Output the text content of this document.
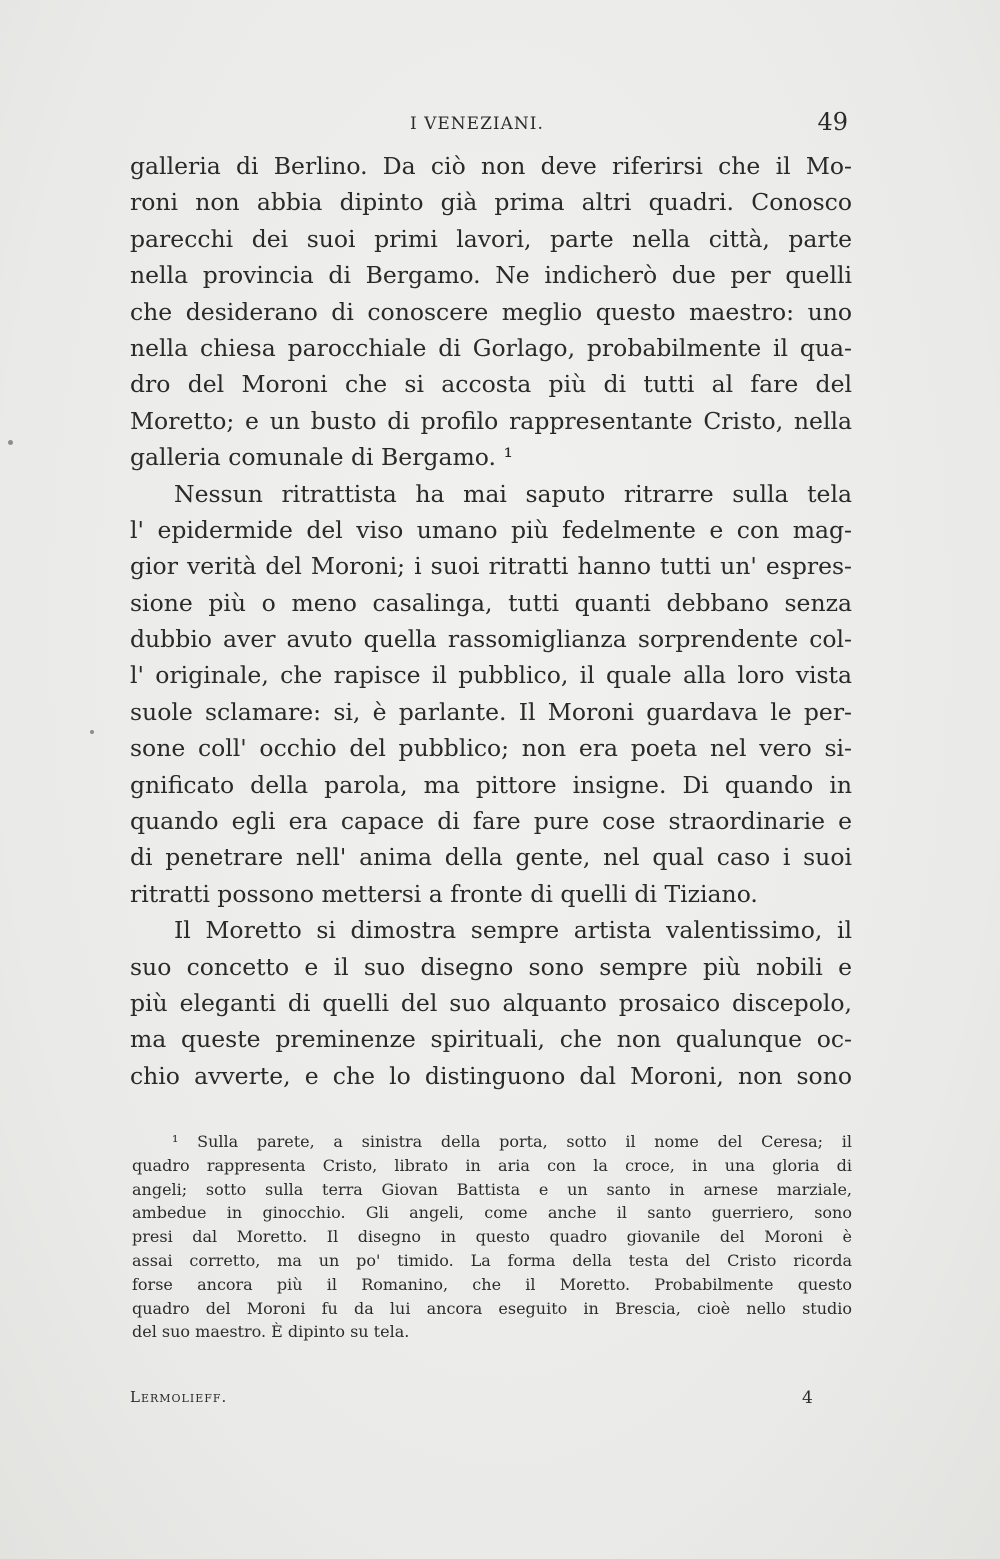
I VENEZIANI.	49
galleria di Berlino. Da ciò non deve riferirsi che il Mo-
roni non abbia dipinto già prima altri quadri. Conosco
parecchi dei suoi primi lavori, parte nella città, parte
nella provincia di Bergamo. Ne indicherò due per quelli
che desiderano di conoscere meglio questo maestro: uno
nella chiesa parocchiale di Gorlago, probabilmente il qua-
dro del Moroni che si accosta più di tutti al fare del
Moretto; e un busto di profilo rappresentante Cristo, nella
galleria comunale di Bergamo. ¹
Nessun ritrattista ha mai saputo ritrarre sulla tela
l' epidermide del viso umano più fedelmente e con mag-
gior verità del Moroni; i suoi ritratti hanno tutti un' espres-
sione più o meno casalinga, tutti quanti debbano senza
dubbio aver avuto quella rassomiglianza sorprendente col-
l' originale, che rapisce il pubblico, il quale alla loro vista
suole sclamare: si, è parlante. Il Moroni guardava le per-
sone coll' occhio del pubblico; non era poeta nel vero si-
gnificato della parola, ma pittore insigne. Di quando in
quando egli era capace di fare pure cose straordinarie e
di penetrare nell' anima della gente, nel qual caso i suoi
ritratti possono mettersi a fronte di quelli di Tiziano.
Il Moretto si dimostra sempre artista valentissimo, il
suo concetto e il suo disegno sono sempre più nobili e
più eleganti di quelli del suo alquanto prosaico discepolo,
ma queste preminenze spirituali, che non qualunque oc-
chio avverte, e che lo distinguono dal Moroni, non sono
¹ Sulla parete, a sinistra della porta, sotto il nome del Ceresa; il
quadro rappresenta Cristo, librato in aria con la croce, in una gloria di
angeli; sotto sulla terra Giovan Battista e un santo in arnese marziale,
ambedue in ginocchio. Gli angeli, come anche il santo guerriero, sono
presi dal Moretto. Il disegno in questo quadro giovanile del Moroni è
assai corretto, ma un po' timido. La forma della testa del Cristo ricorda
forse ancora più il Romanino, che il Moretto. Probabilmente questo
quadro del Moroni fu da lui ancora eseguito in Brescia, cioè nello studio
del suo maestro. È dipinto su tela.
Lermolieff.	4
